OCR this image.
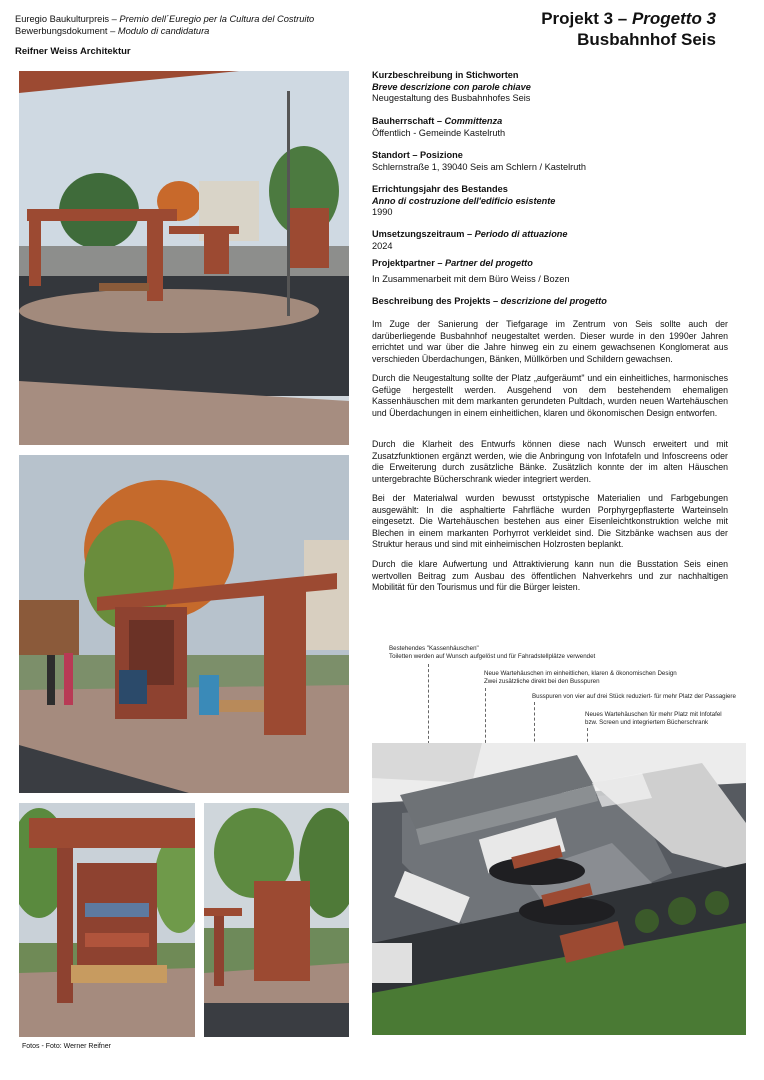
Euregio Baukulturpreis – Premio dell´Euregio per la Cultura del Costruito
Bewerbungsdokument – Modulo di candidatura
Reifner Weiss Architektur
Projekt 3 – Progetto 3
Busbahnhof Seis
Fotos - Foto: Werner Reifner
Kurzbeschreibung in Stichworten
Breve descrizione con parole chiave
Neugestaltung des Busbahnhofes Seis
Bauherrschaft – Committenza
Öffentlich - Gemeinde Kastelruth
Standort – Posizione
Schlernstraße 1, 39040 Seis am Schlern / Kastelruth
Errichtungsjahr des Bestandes
Anno di costruzione dell'edificio esistente
1990
Umsetzungszeitraum – Periodo di attuazione
2024
Projektpartner – Partner del progetto
In Zusammenarbeit mit dem Büro Weiss / Bozen
Beschreibung des Projekts – descrizione del progetto
Im Zuge der Sanierung der Tiefgarage im Zentrum von Seis sollte auch der darüberliegende Busbahnhof neugestaltet werden. Dieser wurde in den 1990er Jahren errichtet und war über die Jahre hinweg ein zu einem gewachsenen Konglomerat aus verschieden Überdachungen, Bänken, Müllkörben und Schildern gewachsen.
Durch die Neugestaltung sollte der Platz „aufgeräumt" und ein einheitliches, harmonisches Gefüge hergestellt werden. Ausgehend von dem bestehendem ehemaligen Kassenhäuschen mit dem markanten gerundeten Pultdach, wurden neuen Wartehäuschen und Überdachungen in einem einheitlichen, klaren und ökonomischen Design entworfen.
Durch die Klarheit des Entwurfs können diese nach Wunsch erweitert und mit Zusatzfunktionen ergänzt werden, wie die Anbringung von Infotafeln und Infoscreens oder die Erweiterung durch zusätzliche Bänke. Zusätzlich konnte der im alten Häuschen untergebrachte Bücherschrank wieder integriert werden.
Bei der Materialwal wurden bewusst ortstypische Materialien und Farbgebungen ausgewählt: In die asphaltierte Fahrfläche wurden Porphyrgepflasterte Warteinseln eingesetzt. Die Wartehäuschen bestehen aus einer Eisenleichtkonstruktion welche mit Blechen in einem markanten Porhyrrot verkleidet sind. Die Sitzbänke wachsen aus der Struktur heraus und sind mit einheimischen Holzrosten beplankt.
Durch die klare Aufwertung und Attraktivierung kann nun die Busstation Seis einen wertvollen Beitrag zum Ausbau des öffentlichen Nahverkehrs und zur nachhaltigen Mobilität für den Tourismus und für die Bürger leisten.
Bestehendes "Kassenhäuschen"
Toiletten werden auf Wunsch aufgelöst und für Fahradstellplätze verwendet
Neue Wartehäuschen im einheitlichen, klaren & ökonomischen Design
Zwei zusätzliche direkt bei den Busspuren
Busspuren von vier auf drei Stück reduziert- für mehr Platz der Passagiere
Neues Wartehäuschen für mehr Platz mit Infotafel
bzw. Screen und integriertem Bücherschrank
